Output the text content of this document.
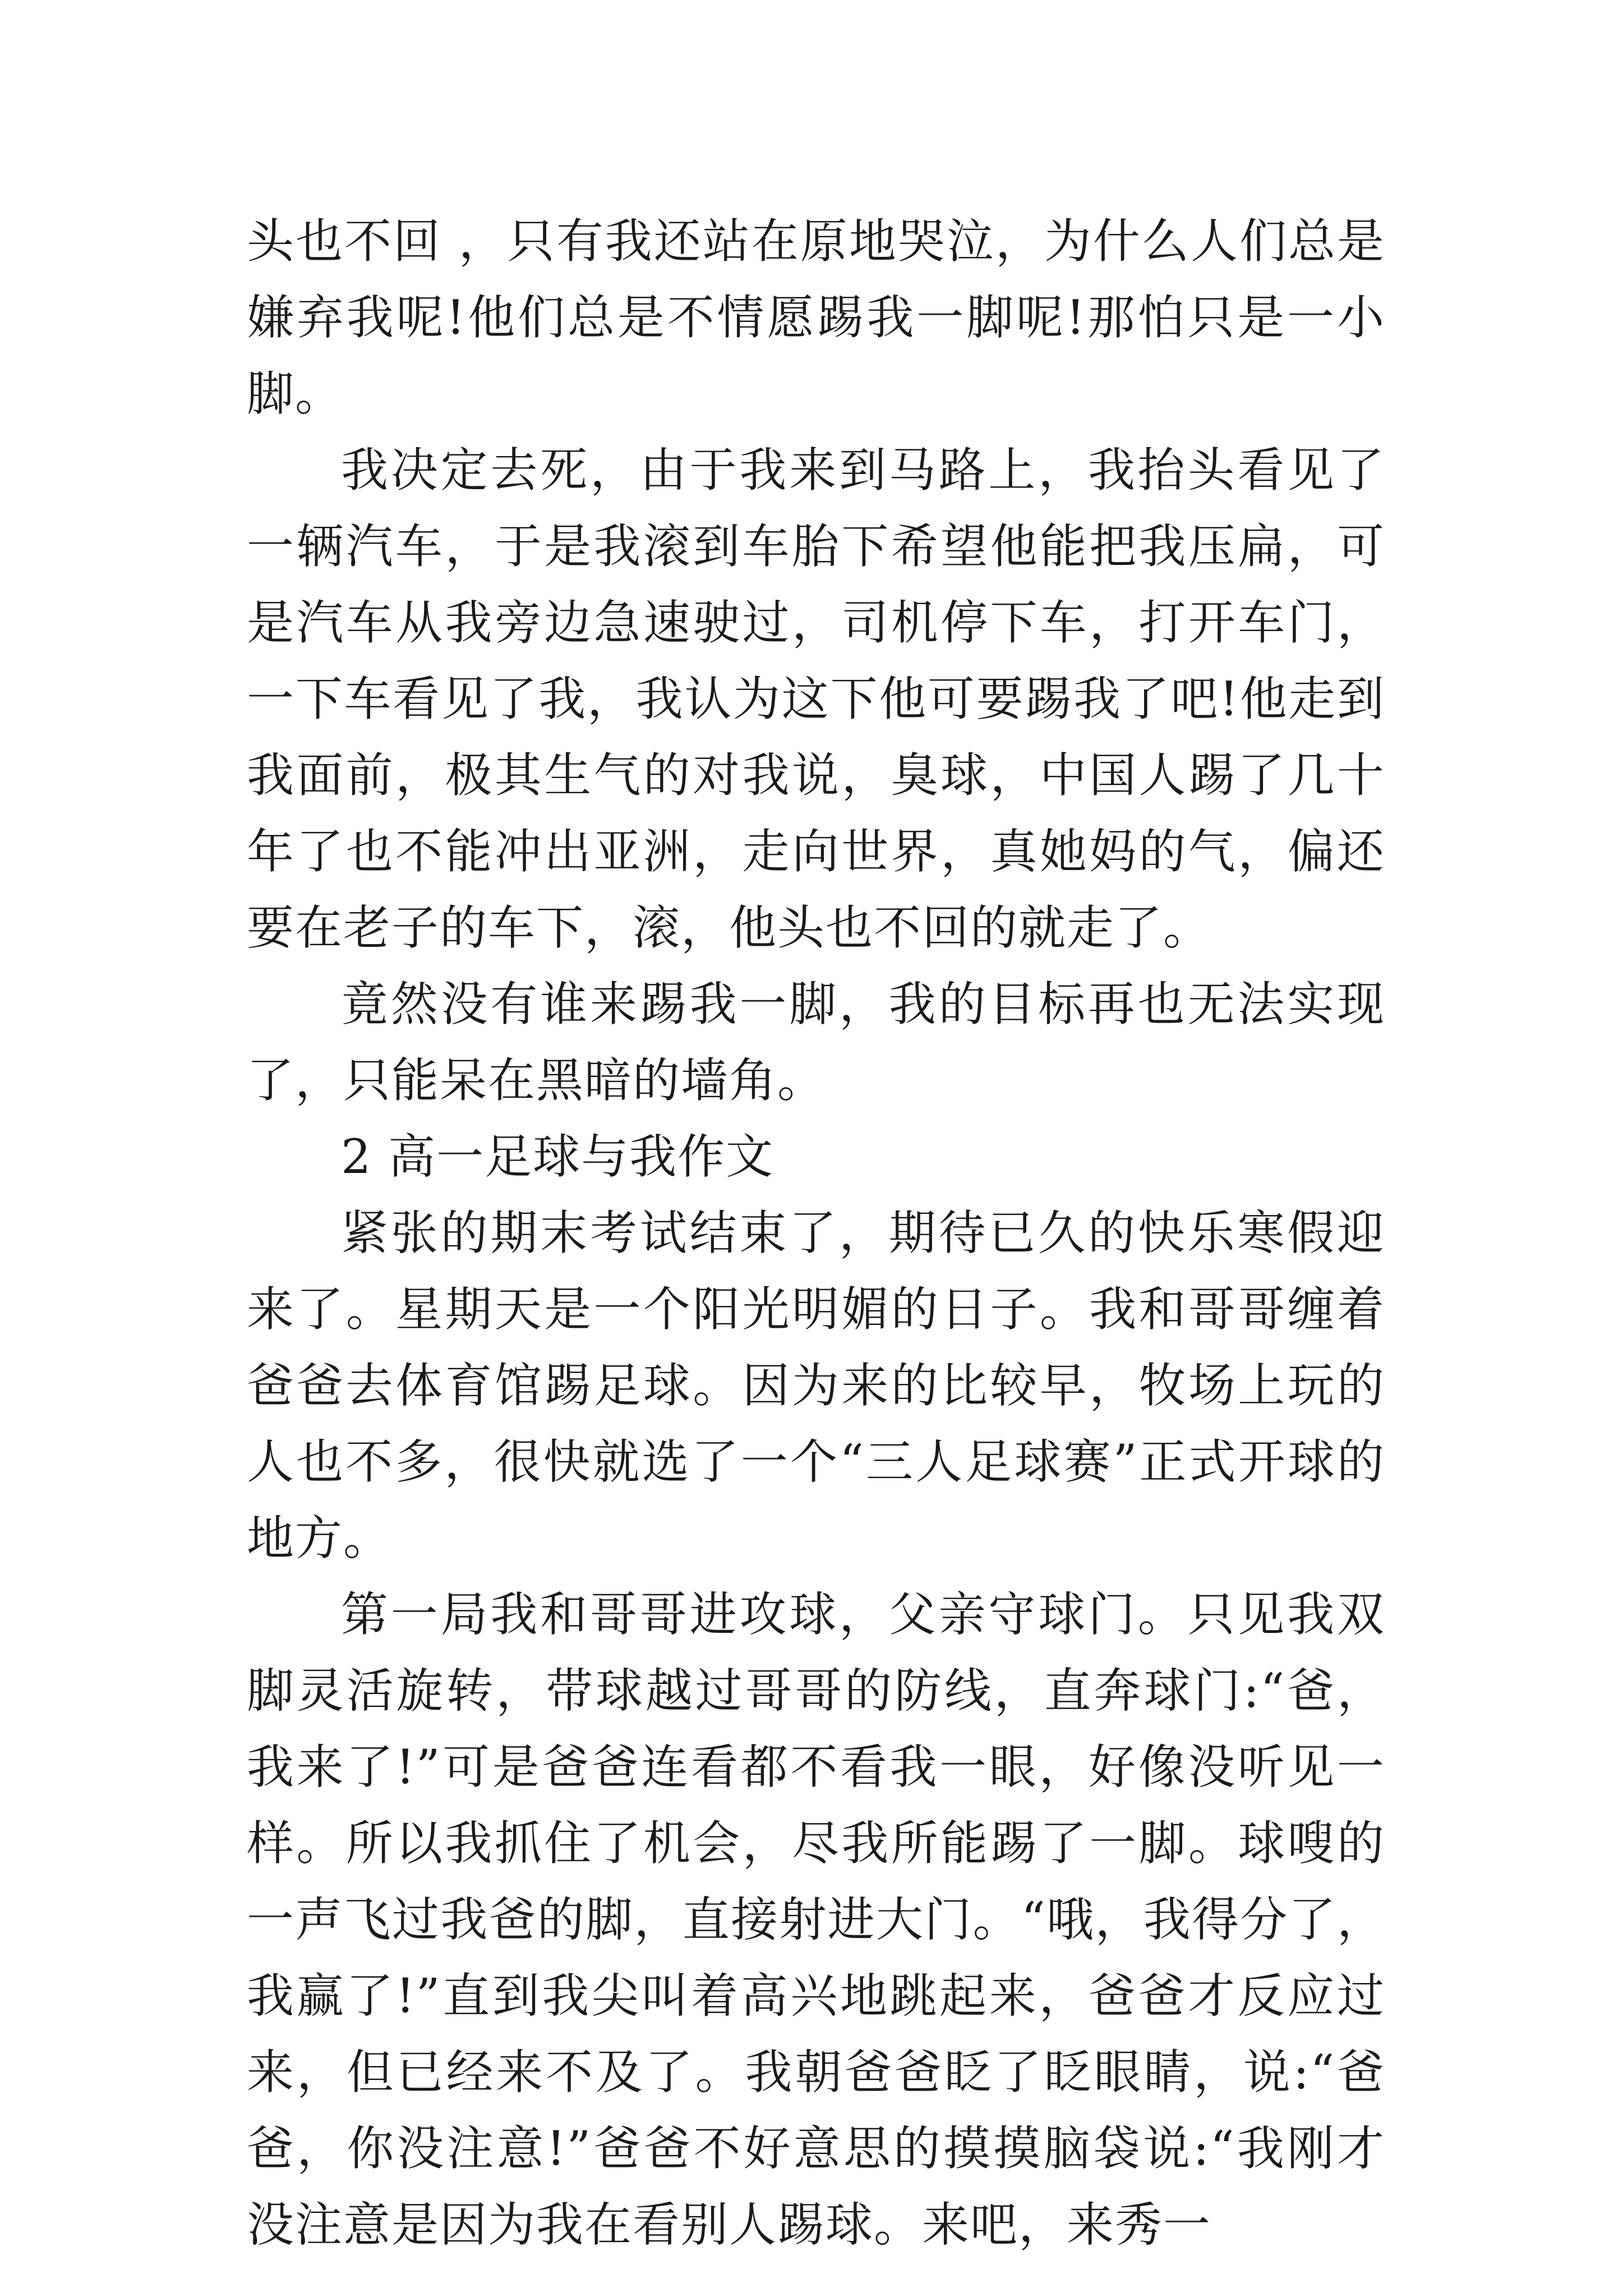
头也不回 ，只有我还站在原地哭泣，为什么人们总是嫌弃我呢!他们总是不情愿踢我一脚呢!那怕只是一小脚。

我决定去死，由于我来到马路上，我抬头看见了一辆汽车，于是我滚到车胎下希望他能把我压扁，可是汽车从我旁边急速驶过，司机停下车，打开车门，一下车看见了我，我认为这下他可要踢我了吧!他走到我面前，极其生气的对我说，臭球，中国人踢了几十年了也不能冲出亚洲，走向世界，真她妈的气，偏还要在老子的车下，滚，他头也不回的就走了。

竟然没有谁来踢我一脚，我的目标再也无法实现了，只能呆在黑暗的墙角。

2 高一足球与我作文

紧张的期末考试结束了，期待已久的快乐寒假迎来了。星期天是一个阳光明媚的日子。我和哥哥缠着爸爸去体育馆踢足球。因为来的比较早，牧场上玩的人也不多，很快就选了一个“三人足球赛”正式开球的地方。

第一局我和哥哥进攻球，父亲守球门。只见我双脚灵活旋转，带球越过哥哥的防线，直奔球门:“爸，我来了!”可是爸爸连看都不看我一眼，好像没听见一样。所以我抓住了机会，尽我所能踢了一脚。球嗖的一声飞过我爸的脚，直接射进大门。“哦，我得分了，我赢了!”直到我尖叫着高兴地跳起来，爸爸才反应过来，但已经来不及了。我朝爸爸眨了眨眼睛，说:“爸爸，你没注意!”爸爸不好意思的摸摸脑袋说:“我刚才没注意是因为我在看别人踢球。来吧，来秀一
